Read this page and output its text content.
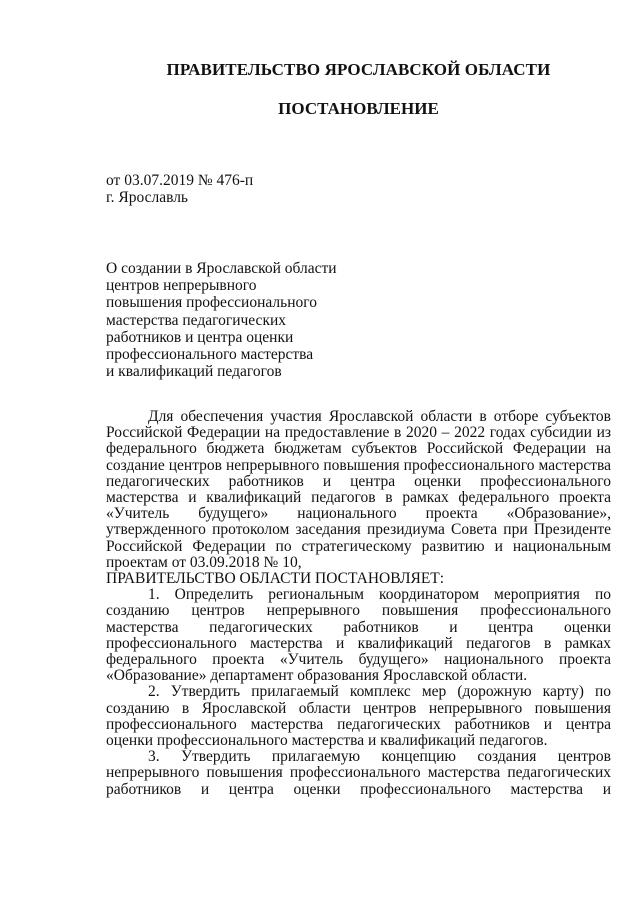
ПРАВИТЕЛЬСТВО ЯРОСЛАВСКОЙ ОБЛАСТИ
ПОСТАНОВЛЕНИЕ
от 03.07.2019 № 476-п
г. Ярославль
О создании в Ярославской области
центров непрерывного
повышения профессионального
мастерства педагогических
работников и центра оценки
профессионального мастерства
и квалификаций педагогов

Для обеспечения участия Ярославской области в отборе субъектов Российской Федерации на предоставление в 2020 – 2022 годах субсидии из федерального бюджета бюджетам субъектов Российской Федерации на создание центров непрерывного повышения профессионального мастерства педагогических работников и центра оценки профессионального мастерства и квалификаций педагогов в рамках федерального проекта «Учитель будущего» национального проекта «Образование», утвержденного протоколом заседания президиума Совета при Президенте Российской Федерации по стратегическому развитию и национальным проектам от 03.09.2018 № 10,

ПРАВИТЕЛЬСТВО ОБЛАСТИ ПОСТАНОВЛЯЕТ:

1. Определить региональным координатором мероприятия по созданию центров непрерывного повышения профессионального мастерства педагогических работников и центра оценки профессионального мастерства и квалификаций педагогов в рамках федерального проекта «Учитель будущего» национального проекта «Образование» департамент образования Ярославской области.

2. Утвердить прилагаемый комплекс мер (дорожную карту) по созданию в Ярославской области центров непрерывного повышения профессионального мастерства педагогических работников и центра оценки профессионального мастерства и квалификаций педагогов.

3. Утвердить прилагаемую концепцию создания центров непрерывного повышения профессионального мастерства педагогических работников и центра оценки профессионального мастерства и
